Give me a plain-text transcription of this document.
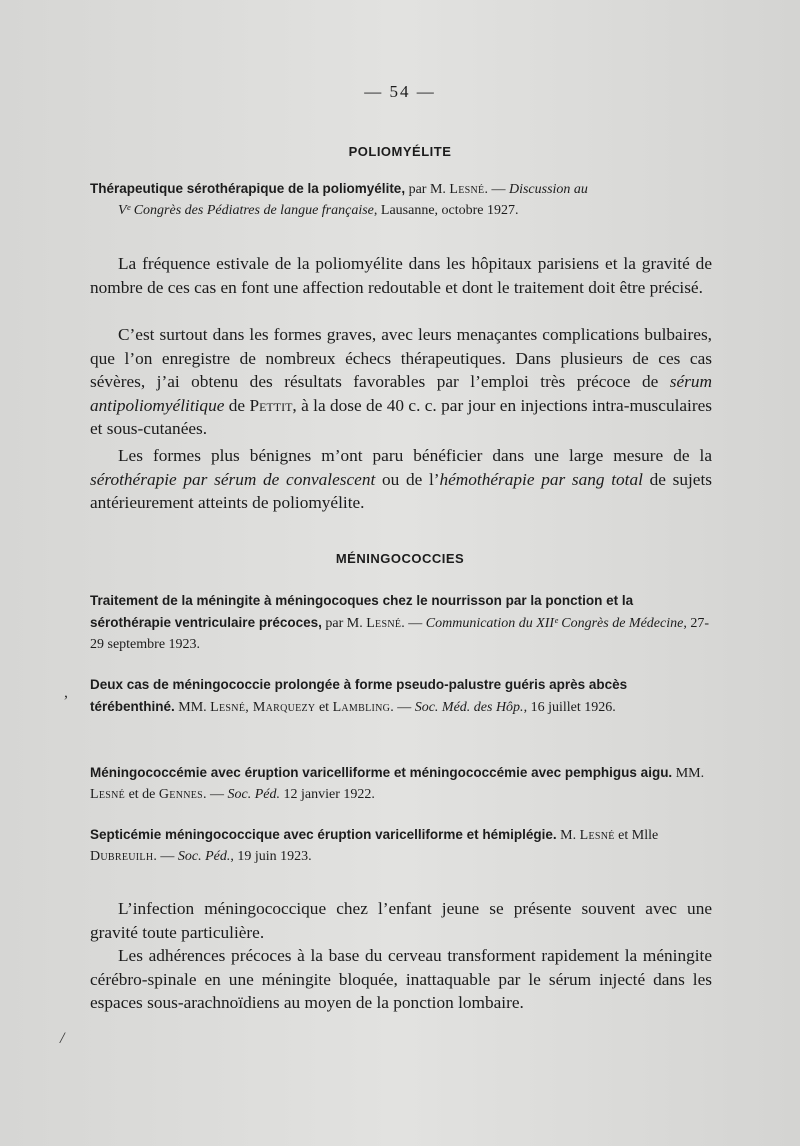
— 54 —
POLIOMYÉLITE
Thérapeutique sérothérapique de la poliomyélite, par M. Lesné. — Discussion au
Vᵉ Congrès des Pédiatres de langue française, Lausanne, octobre 1927.
La fréquence estivale de la poliomyélite dans les hôpitaux parisiens et la gravité de nombre de ces cas en font une affection redoutable et dont le traitement doit être précisé.
C’est surtout dans les formes graves, avec leurs menaçantes complications bulbaires, que l’on enregistre de nombreux échecs thérapeutiques. Dans plusieurs de ces cas sévères, j’ai obtenu des résultats favorables par l’emploi très précoce de sérum antipoliomyélitique de Pettit, à la dose de 40 c. c. par jour en injections intra-musculaires et sous-cutanées.
Les formes plus bénignes m’ont paru bénéficier dans une large mesure de la sérothérapie par sérum de convalescent ou de l’hémothérapie par sang total de sujets antérieurement atteints de poliomyélite.
MÉNINGOCOCCIES
Traitement de la méningite à méningocoques chez le nourrisson par la ponction et la sérothérapie ventriculaire précoces, par M. Lesné. — Communication du XIIᵉ Congrès de Médecine, 27-29 septembre 1923.
Deux cas de méningococcie prolongée à forme pseudo-palustre guéris après abcès térébenthiné. MM. Lesné, Marquezy et Lambling. — Soc. Méd. des Hôp., 16 juillet 1926.
Méningococcémie avec éruption varicelliforme et méningococcémie avec pemphigus aigu. MM. Lesné et de Gennes. — Soc. Péd. 12 janvier 1922.
Septicémie méningococcique avec éruption varicelliforme et hémiplégie. M. Lesné et Mlle Dubreuilh. — Soc. Péd., 19 juin 1923.
L’infection méningococcique chez l’enfant jeune se présente souvent avec une gravité toute particulière.
Les adhérences précoces à la base du cerveau transforment rapidement la méningite cérébro-spinale en une méningite bloquée, inattaquable par le sérum injecté dans les espaces sous-arachnoïdiens au moyen de la ponction lombaire.
,
/
